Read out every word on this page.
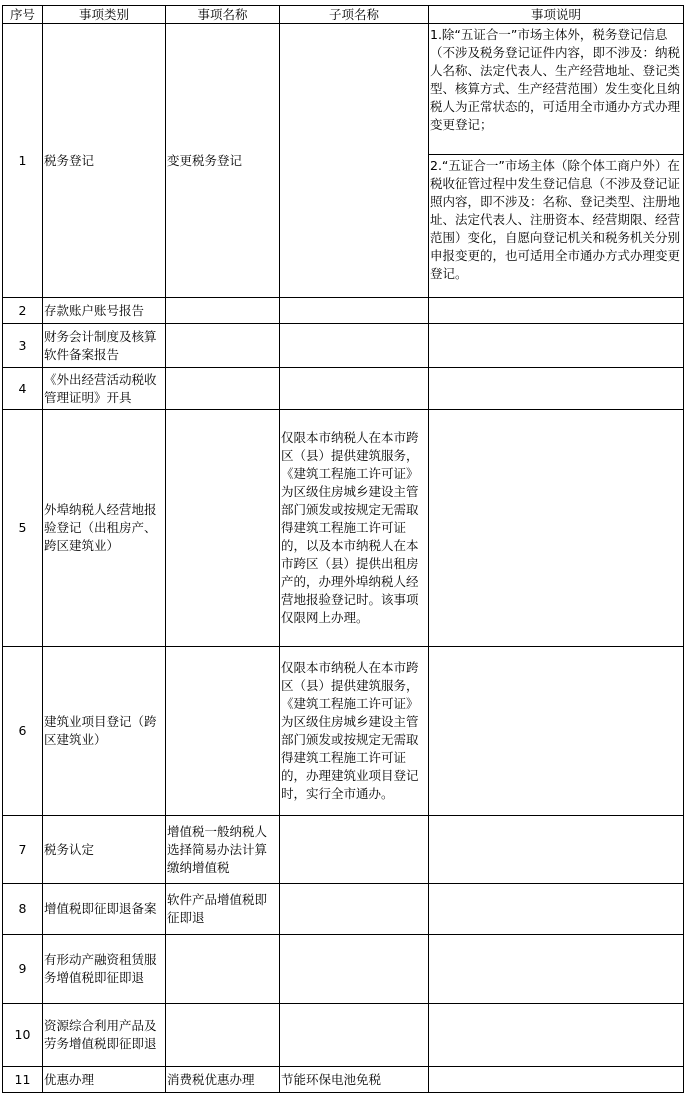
序号	事项类别	事项名称	子项名称	事项说明
1	税务登记	变更税务登记		1.除“五证合一”市场主体外，税务登记信息（不涉及税务登记证件内容，即不涉及：纳税人名称、法定代表人、生产经营地址、登记类型、核算方式、生产经营范围）发生变化且纳税人为正常状态的，可适用全市通办方式办理变更登记；
				2.“五证合一”市场主体（除个体工商户外）在税收征管过程中发生登记信息（不涉及登记证照内容，即不涉及：名称、登记类型、注册地址、法定代表人、注册资本、经营期限、经营范围）变化，自愿向登记机关和税务机关分别申报变更的，也可适用全市通办方式办理变更登记。
2	存款账户账号报告			
3	财务会计制度及核算软件备案报告			
4	《外出经营活动税收管理证明》开具			
5	外埠纳税人经营地报验登记（出租房产、跨区建筑业）		仅限本市纳税人在本市跨区（县）提供建筑服务，《建筑工程施工许可证》为区级住房城乡建设主管部门颁发或按规定无需取得建筑工程施工许可证的，以及本市纳税人在本市跨区（县）提供出租房产的，办理外埠纳税人经营地报验登记时。该事项仅限网上办理。	
6	建筑业项目登记（跨区建筑业）		仅限本市纳税人在本市跨区（县）提供建筑服务，《建筑工程施工许可证》为区级住房城乡建设主管部门颁发或按规定无需取得建筑工程施工许可证的，办理建筑业项目登记时，实行全市通办。	
7	税务认定	增值税一般纳税人选择简易办法计算缴纳增值税		
8	增值税即征即退备案	软件产品增值税即征即退		
9	有形动产融资租赁服务增值税即征即退			
10	资源综合利用产品及劳务增值税即征即退			
11	优惠办理	消费税优惠办理	节能环保电池免税	
